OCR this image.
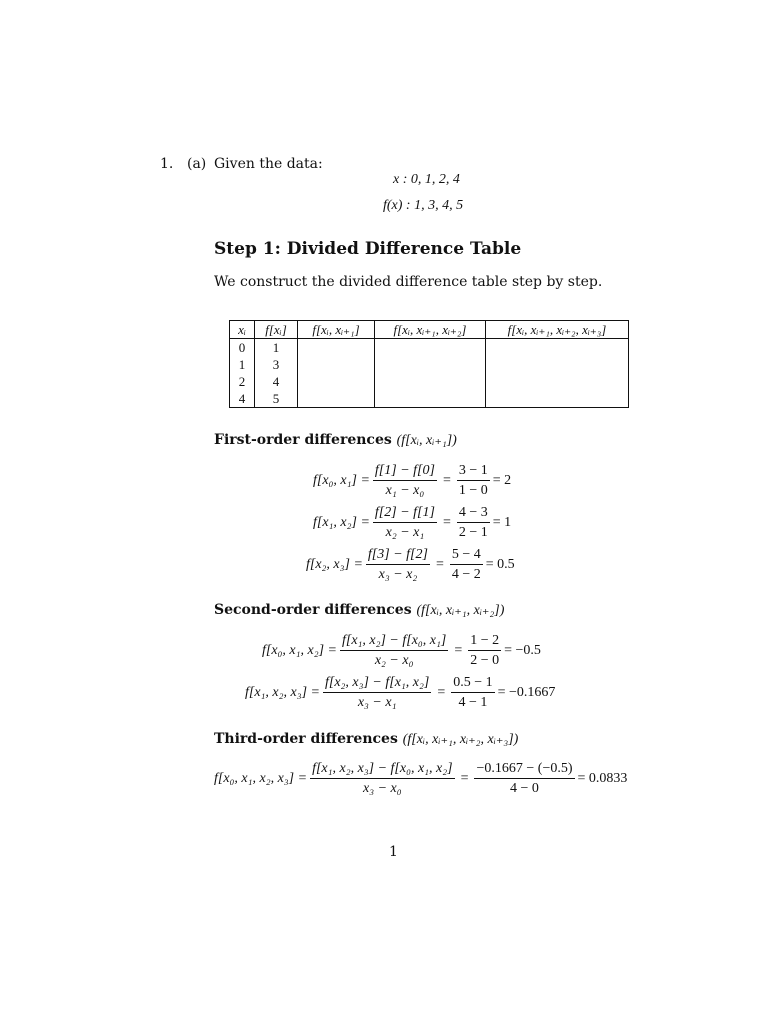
1. (a) Given the data:
x : 0, 1, 2, 4
f(x) : 1, 3, 4, 5
Step 1: Divided Difference Table
We construct the divided difference table step by step.
xᵢ	f[xᵢ]	f[xᵢ, xᵢ₊₁]	f[xᵢ, xᵢ₊₁, xᵢ₊₂]	f[xᵢ, xᵢ₊₁, xᵢ₊₂, xᵢ₊₃]
0	1			
1	3			
2	4			
4	5			
First-order differences (f[xᵢ, xᵢ₊₁])
f[x₀, $x_1] = \frac{f[1] - f[0]}{\text{x₁ − x₀}} = \frac{3 - 1}{1 - 0} = 2$
f[x₁, $x_2] = \frac{f[2] - f[1]}{\text{x₂ − x₁}} = \frac{4 - 3}{2 - 1} = 1$
f[x₂, $x_3] = \frac{f[3] - f[2]}{\text{x₃ − x₂}} = \frac{5 - 4}{4 - 2} = 0.5$
Second-order differences (f[xᵢ, xᵢ₊₁, xᵢ₊₂])
f[x₀, x₁, $x_2] = \frac{\text{f[x₁, x₂] − f[x₀, x₁]}}{\text{x₂ − x₀}} = \frac{1 - 2}{2 - 0} = -0.5$
f[x₁, x₂, $x_3] = \frac{\text{f[x₂, x₃] − f[x₁, x₂]}}{\text{x₃ − x₁}} = \frac{0.5 - 1}{4 - 1} = -0.1667$
Third-order differences (f[xᵢ, xᵢ₊₁, xᵢ₊₂, xᵢ₊₃])
f[x₀, x₁, x₂, $x_3] = \frac{\text{f[x₁, x₂, x₃] − f[x₀, x₁, x₂]}}{\text{x₃ − x₀}} = \frac{-0.1667 - (-0.5)}{4 - 0} = 0.0833$
1
